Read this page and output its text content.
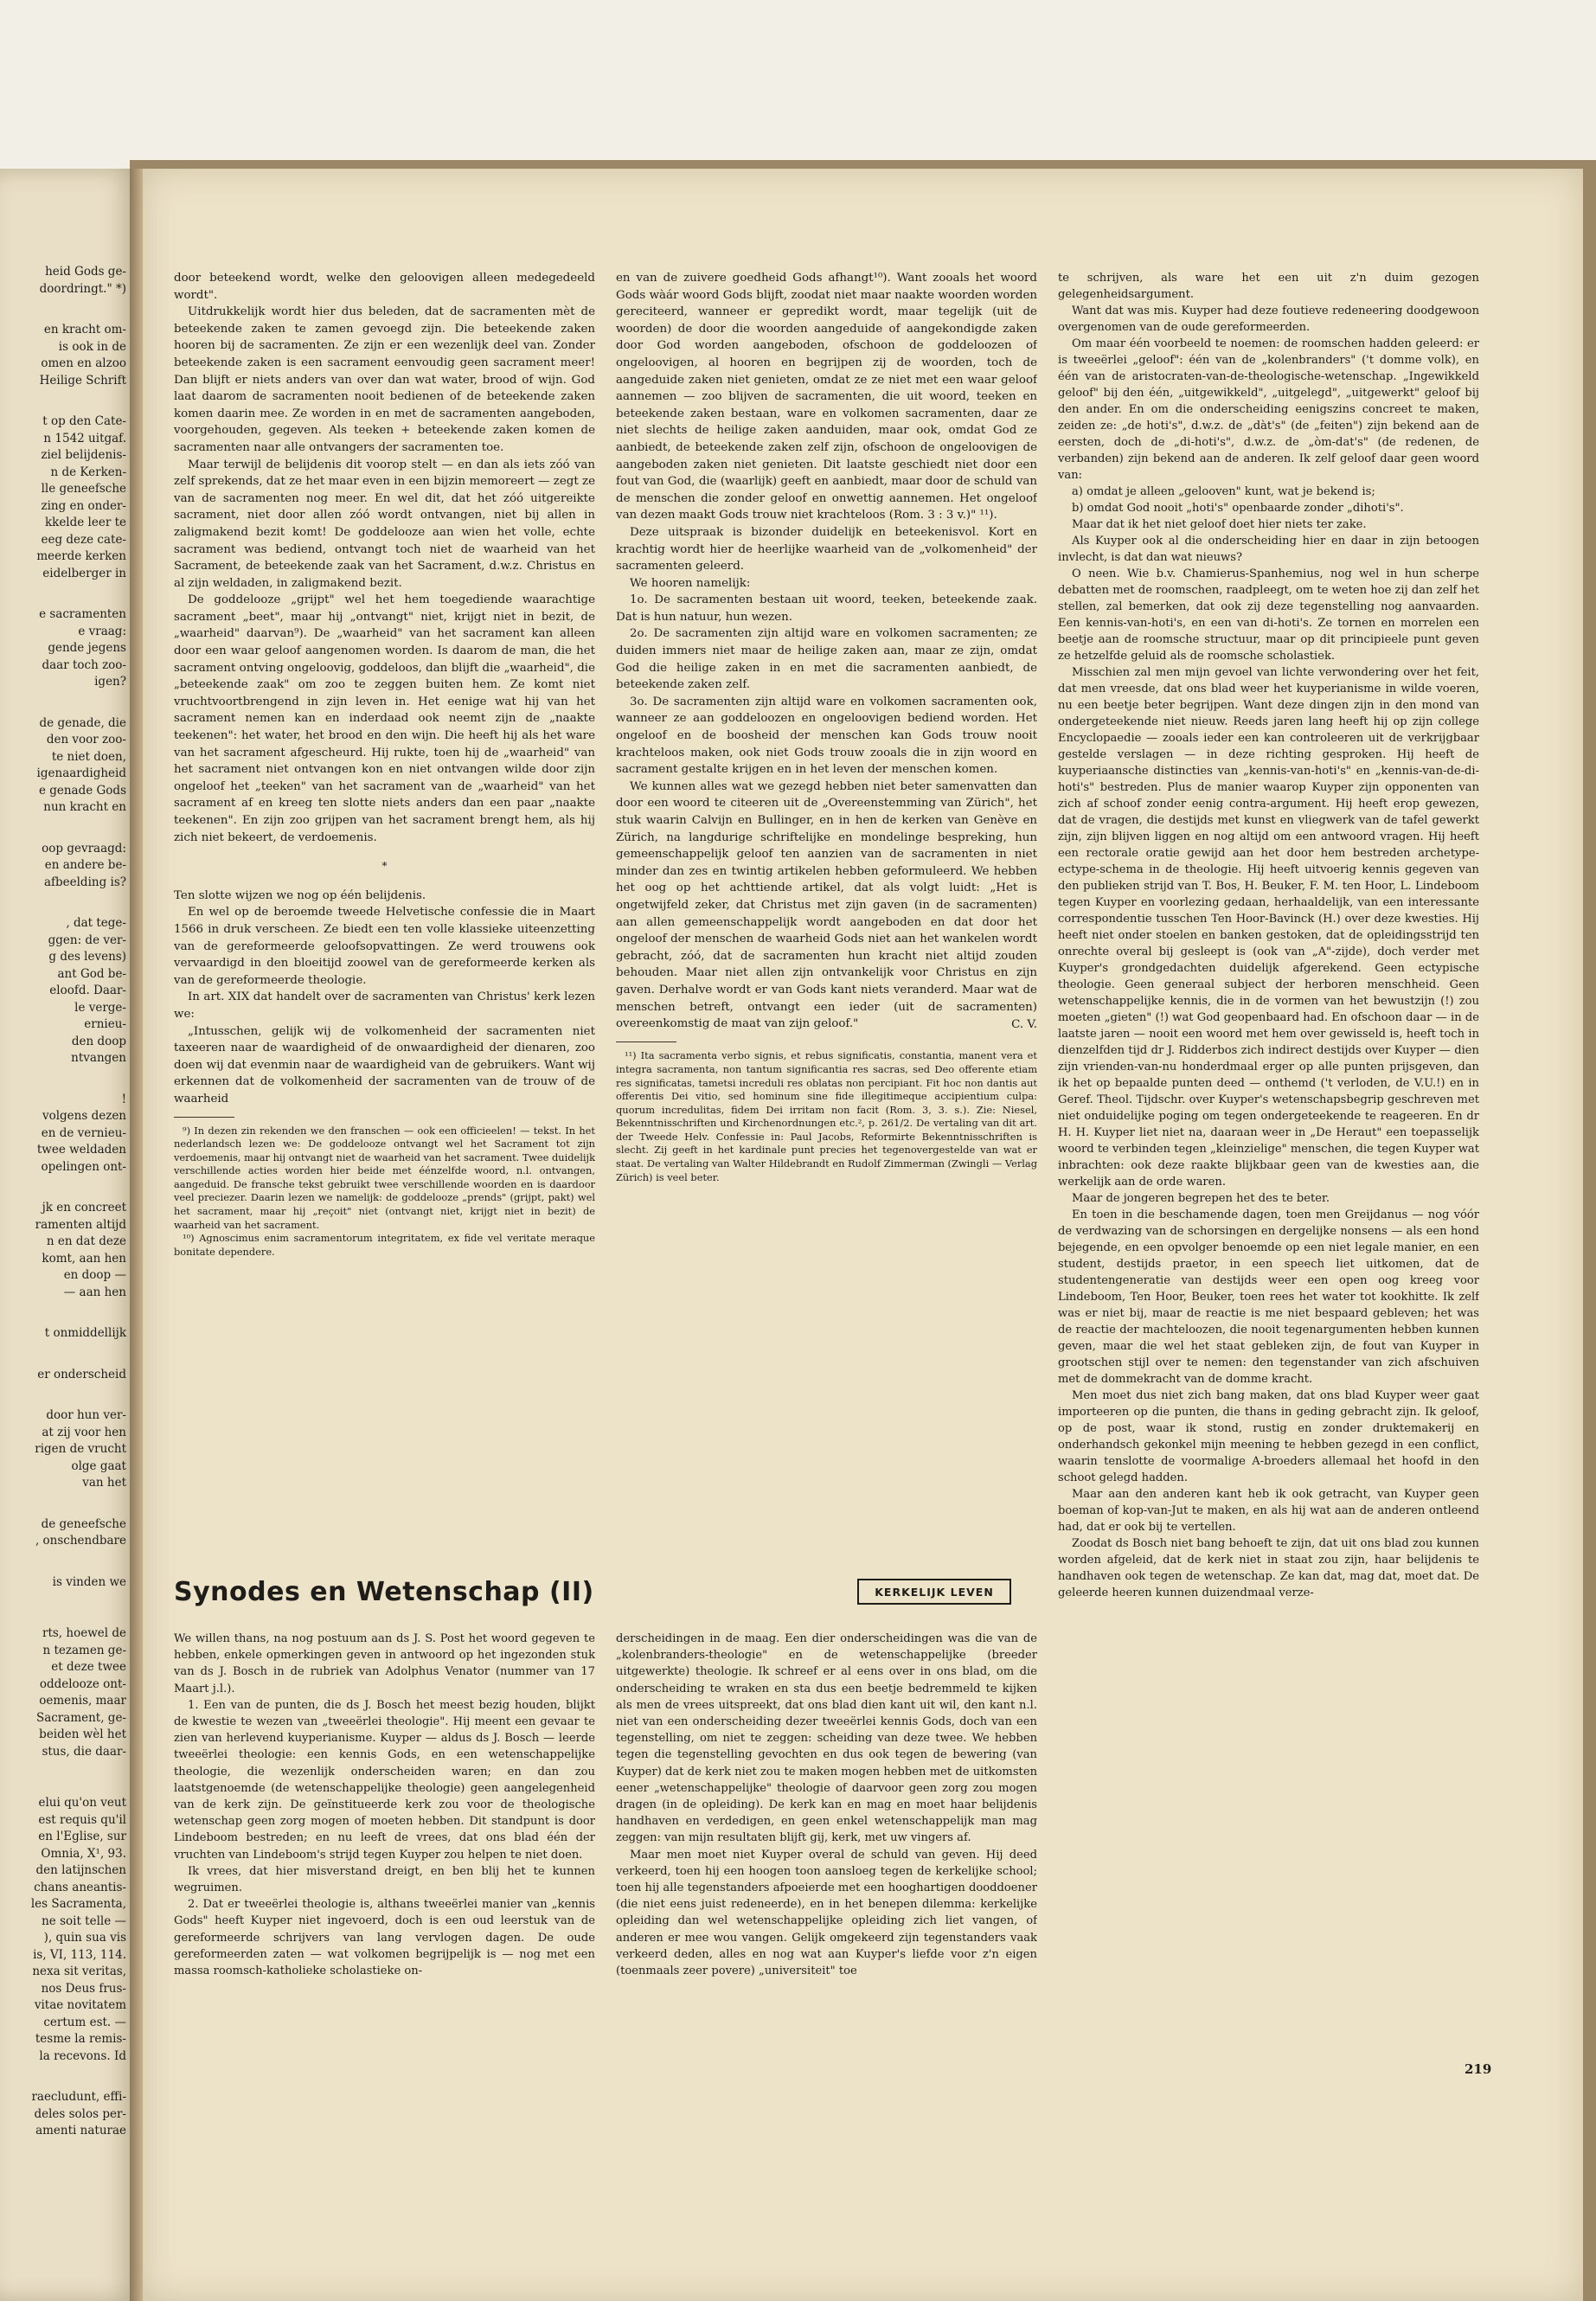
heid Gods ge-
doordringt." *)
en kracht om-
is ook in de
omen en alzoo
Heilige Schrift
t op den Cate-
n 1542 uitgaf.
ziel belijdenis-
n de Kerken-
lle geneefsche
zing en onder-
kkelde leer te
eeg deze cate-
meerde kerken
eidelberger in
e sacramenten
e vraag:
gende jegens
daar toch zoo-
igen?
de genade, die
den voor zoo-
te niet doen,
igenaardigheid
e genade Gods
nun kracht en
oop gevraagd:
en andere be-
afbeelding is?
, dat tege-
ggen: de ver-
g des levens)
ant God be-
eloofd. Daar-
le verge-
ernieu-
den doop
ntvangen
!
volgens dezen
en de vernieu-
twee weldaden
opelingen ont-
jk en concreet
ramenten altijd
n en dat deze
komt, aan hen
en doop —
— aan hen
t onmiddellijk
er onderscheid
door hun ver-
at zij voor hen
rigen de vrucht
olge gaat
van het
de geneefsche
, onschendbare
is vinden we
rts, hoewel de
n tezamen ge-
et deze twee
oddelooze ont-
oemenis, maar
Sacrament, ge-
beiden wèl het
stus, die daar-
elui qu'on veut
est requis qu'il
en l'Eglise, sur
Omnia, X¹, 93.
den latijnschen
chans aneantis-
les Sacramenta,
ne soit telle —
), quin sua vis
is, VI, 113, 114.
nexa sit veritas,
nos Deus frus-
vitae novitatem
certum est. —
tesme la remis-
la recevons. Id
raecludunt, effi-
deles solos per-
amenti naturae

door beteekend wordt, welke den geloovigen alleen medegedeeld wordt".

Uitdrukkelijk wordt hier dus beleden, dat de sacramenten mèt de beteekende zaken te zamen gevoegd zijn. Die beteekende zaken hooren bij de sacramenten. Ze zijn er een wezenlijk deel van. Zonder beteekende zaken is een sacrament eenvoudig geen sacrament meer! Dan blijft er niets anders van over dan wat water, brood of wijn. God laat daarom de sacramenten nooit bedienen of de beteekende zaken komen daarin mee. Ze worden in en met de sacramenten aangeboden, voorgehouden, gegeven. Als teeken + beteekende zaken komen de sacramenten naar alle ontvangers der sacramenten toe.

Maar terwijl de belijdenis dit voorop stelt — en dan als iets zóó van zelf sprekends, dat ze het maar even in een bijzin memoreert — zegt ze van de sacramenten nog meer. En wel dit, dat het zóó uitgereikte sacrament, niet door allen zóó wordt ontvangen, niet bij allen in zaligmakend bezit komt! De goddelooze aan wien het volle, echte sacrament was bediend, ontvangt toch niet de waarheid van het Sacrament, de beteekende zaak van het Sacrament, d.w.z. Christus en al zijn weldaden, in zaligmakend bezit.

De goddelooze „grijpt" wel het hem toegediende waarachtige sacrament „beet", maar hij „ontvangt" niet, krijgt niet in bezit, de „waarheid" daarvan⁹). De „waarheid" van het sacrament kan alleen door een waar geloof aangenomen worden. Is daarom de man, die het sacrament ontving ongeloovig, goddeloos, dan blijft die „waarheid", die „beteekende zaak" om zoo te zeggen buiten hem. Ze komt niet vruchtvoortbrengend in zijn leven in. Het eenige wat hij van het sacrament nemen kan en inderdaad ook neemt zijn de „naakte teekenen": het water, het brood en den wijn. Die heeft hij als het ware van het sacrament afgescheurd. Hij rukte, toen hij de „waarheid" van het sacrament niet ontvangen kon en niet ontvangen wilde door zijn ongeloof het „teeken" van het sacrament van de „waarheid" van het sacrament af en kreeg ten slotte niets anders dan een paar „naakte teekenen". En zijn zoo grijpen van het sacrament brengt hem, als hij zich niet bekeert, de verdoemenis.

*

Ten slotte wijzen we nog op één belijdenis.

En wel op de beroemde tweede Helvetische confessie die in Maart 1566 in druk verscheen. Ze biedt een ten volle klassieke uiteenzetting van de gereformeerde geloofsopvattingen. Ze werd trouwens ook vervaardigd in den bloeitijd zoowel van de gereformeerde kerken als van de gereformeerde theologie.

In art. XIX dat handelt over de sacramenten van Christus' kerk lezen we:

„Intusschen, gelijk wij de volkomenheid der sacramenten niet taxeeren naar de waardigheid of de onwaardigheid der dienaren, zoo doen wij dat evenmin naar de waardigheid van de gebruikers. Want wij erkennen dat de volkomenheid der sacramenten van de trouw of de waarheid

⁹) In dezen zin rekenden we den franschen — ook een officieelen! — tekst. In het nederlandsch lezen we: De goddelooze ontvangt wel het Sacrament tot zijn verdoemenis, maar hij ontvangt niet de waarheid van het sacrament. Twee duidelijk verschillende acties worden hier beide met éénzelfde woord, n.l. ontvangen, aangeduid. De fransche tekst gebruikt twee verschillende woorden en is daardoor veel preciezer. Daarin lezen we namelijk: de goddelooze „prends" (grijpt, pakt) wel het sacrament, maar hij „reçoit" niet (ontvangt niet, krijgt niet in bezit) de waarheid van het sacrament.

¹⁰) Agnoscimus enim sacramentorum integritatem, ex fide vel veritate meraque bonitate dependere.

en van de zuivere goedheid Gods afhangt¹⁰). Want zooals het woord Gods wàár woord Gods blijft, zoodat niet maar naakte woorden worden gereciteerd, wanneer er gepredikt wordt, maar tegelijk (uit de woorden) de door die woorden aangeduide of aangekondigde zaken door God worden aangeboden, ofschoon de goddeloozen of ongeloovigen, al hooren en begrijpen zij de woorden, toch de aangeduide zaken niet genieten, omdat ze ze niet met een waar geloof aannemen — zoo blijven de sacramenten, die uit woord, teeken en beteekende zaken bestaan, ware en volkomen sacramenten, daar ze niet slechts de heilige zaken aanduiden, maar ook, omdat God ze aanbiedt, de beteekende zaken zelf zijn, ofschoon de ongeloovigen de aangeboden zaken niet genieten. Dit laatste geschiedt niet door een fout van God, die (waarlijk) geeft en aanbiedt, maar door de schuld van de menschen die zonder geloof en onwettig aannemen. Het ongeloof van dezen maakt Gods trouw niet krachteloos (Rom. 3 : 3 v.)" ¹¹).

Deze uitspraak is bizonder duidelijk en beteekenisvol. Kort en krachtig wordt hier de heerlijke waarheid van de „volkomenheid" der sacramenten geleerd.

We hooren namelijk:

1o. De sacramenten bestaan uit woord, teeken, beteekende zaak. Dat is hun natuur, hun wezen.

2o. De sacramenten zijn altijd ware en volkomen sacramenten; ze duiden immers niet maar de heilige zaken aan, maar ze zijn, omdat God die heilige zaken in en met die sacramenten aanbiedt, de beteekende zaken zelf.

3o. De sacramenten zijn altijd ware en volkomen sacramenten ook, wanneer ze aan goddeloozen en ongeloovigen bediend worden. Het ongeloof en de boosheid der menschen kan Gods trouw nooit krachteloos maken, ook niet Gods trouw zooals die in zijn woord en sacrament gestalte krijgen en in het leven der menschen komen.

We kunnen alles wat we gezegd hebben niet beter samenvatten dan door een woord te citeeren uit de „Overeenstemming van Zürich", het stuk waarin Calvijn en Bullinger, en in hen de kerken van Genève en Zürich, na langdurige schriftelijke en mondelinge bespreking, hun gemeenschappelijk geloof ten aanzien van de sacramenten in niet minder dan zes en twintig artikelen hebben geformuleerd. We hebben het oog op het achttiende artikel, dat als volgt luidt: „Het is ongetwijfeld zeker, dat Christus met zijn gaven (in de sacramenten) aan allen gemeenschappelijk wordt aangeboden en dat door het ongeloof der menschen de waarheid Gods niet aan het wankelen wordt gebracht, zóó, dat de sacramenten hun kracht niet altijd zouden behouden. Maar niet allen zijn ontvankelijk voor Christus en zijn gaven. Derhalve wordt er van Gods kant niets veranderd. Maar wat de menschen betreft, ontvangt een ieder (uit de sacramenten) overeenkomstig de maat van zijn geloof."	C. V.

¹¹) Ita sacramenta verbo signis, et rebus significatis, constantia, manent vera et integra sacramenta, non tantum significantia res sacras, sed Deo offerente etiam res significatas, tametsi increduli res oblatas non percipiant. Fit hoc non dantis aut offerentis Dei vitio, sed hominum sine fide illegitimeque accipientium culpa: quorum incredulitas, fidem Dei irritam non facit (Rom. 3, 3. s.). Zie: Niesel, Bekenntnisschriften und Kirchenordnungen etc.², p. 261/2. De vertaling van dit art. der Tweede Helv. Confessie in: Paul Jacobs, Reformirte Bekenntnisschriften is slecht. Zij geeft in het kardinale punt precies het tegenovergestelde van wat er staat. De vertaling van Walter Hildebrandt en Rudolf Zimmerman (Zwingli — Verlag Zürich) is veel beter.

te schrijven, als ware het een uit z'n duim gezogen gelegenheidsargument.

Want dat was mis. Kuyper had deze foutieve redeneering doodgewoon overgenomen van de oude gereformeerden.

Om maar één voorbeeld te noemen: de roomschen hadden geleerd: er is tweeërlei „geloof": één van de „kolenbranders" ('t domme volk), en één van de aristocraten-van-de-theologische-wetenschap. „Ingewikkeld geloof" bij den één, „uitgewikkeld", „uitgelegd", „uitgewerkt" geloof bij den ander. En om die onderscheiding eenigszins concreet te maken, zeiden ze: „de hoti's", d.w.z. de „dàt's" (de „feiten") zijn bekend aan de eersten, doch de „di-hoti's", d.w.z. de „òm-dat's" (de redenen, de verbanden) zijn bekend aan de anderen. Ik zelf geloof daar geen woord van:

a) omdat je alleen „gelooven" kunt, wat je bekend is;

b) omdat God nooit „hoti's" openbaarde zonder „dihoti's".

Maar dat ik het niet geloof doet hier niets ter zake.

Als Kuyper ook al die onderscheiding hier en daar in zijn betoogen invlecht, is dat dan wat nieuws?

O neen. Wie b.v. Chamierus-Spanhemius, nog wel in hun scherpe debatten met de roomschen, raadpleegt, om te weten hoe zij dan zelf het stellen, zal bemerken, dat ook zij deze tegenstelling nog aanvaarden. Een kennis-van-hoti's, en een van di-hoti's. Ze tornen en morrelen een beetje aan de roomsche structuur, maar op dit principieele punt geven ze hetzelfde geluid als de roomsche scholastiek.

Misschien zal men mijn gevoel van lichte verwondering over het feit, dat men vreesde, dat ons blad weer het kuyperianisme in wilde voeren, nu een beetje beter begrijpen. Want deze dingen zijn in den mond van ondergeteekende niet nieuw. Reeds jaren lang heeft hij op zijn college Encyclopaedie — zooals ieder een kan controleeren uit de verkrijgbaar gestelde verslagen — in deze richting gesproken. Hij heeft de kuyperiaansche distincties van „kennis-van-hoti's" en „kennis-van-de-di-hoti's" bestreden. Plus de manier waarop Kuyper zijn opponenten van zich af schoof zonder eenig contra-argument. Hij heeft erop gewezen, dat de vragen, die destijds met kunst en vliegwerk van de tafel gewerkt zijn, zijn blijven liggen en nog altijd om een antwoord vragen. Hij heeft een rectorale oratie gewijd aan het door hem bestreden archetype-ectype-schema in de theologie. Hij heeft uitvoerig kennis gegeven van den publieken strijd van T. Bos, H. Beuker, F. M. ten Hoor, L. Lindeboom tegen Kuyper en voorlezing gedaan, herhaaldelijk, van een interessante correspondentie tusschen Ten Hoor-Bavinck (H.) over deze kwesties. Hij heeft niet onder stoelen en banken gestoken, dat de opleidingsstrijd ten onrechte overal bij gesleept is (ook van „A"-zijde), doch verder met Kuyper's grondgedachten duidelijk afgerekend. Geen ectypische theologie. Geen generaal subject der herboren menschheid. Geen wetenschappelijke kennis, die in de vormen van het bewustzijn (!) zou moeten „gieten" (!) wat God geopenbaard had. En ofschoon daar — in de laatste jaren — nooit een woord met hem over gewisseld is, heeft toch in dienzelfden tijd dr J. Ridderbos zich indirect destijds over Kuyper — dien zijn vrienden-van-nu honderdmaal erger op alle punten prijsgeven, dan ik het op bepaalde punten deed — onthemd ('t verloden, de V.U.!) en in Geref. Theol. Tijdschr. over Kuyper's wetenschapsbegrip geschreven met niet onduidelijke poging om tegen ondergeteekende te reageeren. En dr H. H. Kuyper liet niet na, daaraan weer in „De Heraut" een toepasselijk woord te verbinden tegen „kleinzielige" menschen, die tegen Kuyper wat inbrachten: ook deze raakte blijkbaar geen van de kwesties aan, die werkelijk aan de orde waren.

Maar de jongeren begrepen het des te beter.

En toen in die beschamende dagen, toen men Greijdanus — nog vóór de verdwazing van de schorsingen en dergelijke nonsens — als een hond bejegende, en een opvolger benoemde op een niet legale manier, en een student, destijds praetor, in een speech liet uitkomen, dat de studentengeneratie van destijds weer een open oog kreeg voor Lindeboom, Ten Hoor, Beuker, toen rees het water tot kookhitte. Ik zelf was er niet bij, maar de reactie is me niet bespaard gebleven; het was de reactie der machteloozen, die nooit tegenargumenten hebben kunnen geven, maar die wel het staat gebleken zijn, de fout van Kuyper in grootschen stijl over te nemen: den tegenstander van zich afschuiven met de dommekracht van de domme kracht.

Men moet dus niet zich bang maken, dat ons blad Kuyper weer gaat importeeren op die punten, die thans in geding gebracht zijn. Ik geloof, op de post, waar ik stond, rustig en zonder druktemakerij en onderhandsch gekonkel mijn meening te hebben gezegd in een conflict, waarin tenslotte de voormalige A-broeders allemaal het hoofd in den schoot gelegd hadden.

Maar aan den anderen kant heb ik ook getracht, van Kuyper geen boeman of kop-van-Jut te maken, en als hij wat aan de anderen ontleend had, dat er ook bij te vertellen.

Zoodat ds Bosch niet bang behoeft te zijn, dat uit ons blad zou kunnen worden afgeleid, dat de kerk niet in staat zou zijn, haar belijdenis te handhaven ook tegen de wetenschap. Ze kan dat, mag dat, moet dat. De geleerde heeren kunnen duizendmaal verze-

Synodes en Wetenschap (II)	KERKELIJK LEVEN

We willen thans, na nog postuum aan ds J. S. Post het woord gegeven te hebben, enkele opmerkingen geven in antwoord op het ingezonden stuk van ds J. Bosch in de rubriek van Adolphus Venator (nummer van 17 Maart j.l.).

1. Een van de punten, die ds J. Bosch het meest bezig houden, blijkt de kwestie te wezen van „tweeërlei theologie". Hij meent een gevaar te zien van herlevend kuyperianisme. Kuyper — aldus ds J. Bosch — leerde tweeërlei theologie: een kennis Gods, en een wetenschappelijke theologie, die wezenlijk onderscheiden waren; en dan zou laatstgenoemde (de wetenschappelijke theologie) geen aangelegenheid van de kerk zijn. De geïnstitueerde kerk zou voor de theologische wetenschap geen zorg mogen of moeten hebben. Dit standpunt is door Lindeboom bestreden; en nu leeft de vrees, dat ons blad één der vruchten van Lindeboom's strijd tegen Kuyper zou helpen te niet doen.

Ik vrees, dat hier misverstand dreigt, en ben blij het te kunnen wegruimen.

2. Dat er tweeërlei theologie is, althans tweeërlei manier van „kennis Gods" heeft Kuyper niet ingevoerd, doch is een oud leerstuk van de gereformeerde schrijvers van lang vervlogen dagen. De oude gereformeerden zaten — wat volkomen begrijpelijk is — nog met een massa roomsch-katholieke scholastieke on-

derscheidingen in de maag. Een dier onderscheidingen was die van de „kolenbranders-theologie" en de wetenschappelijke (breeder uitgewerkte) theologie. Ik schreef er al eens over in ons blad, om die onderscheiding te wraken en sta dus een beetje bedremmeld te kijken als men de vrees uitspreekt, dat ons blad dien kant uit wil, den kant n.l. niet van een onderscheiding dezer tweeërlei kennis Gods, doch van een tegenstelling, om niet te zeggen: scheiding van deze twee. We hebben tegen die tegenstelling gevochten en dus ook tegen de bewering (van Kuyper) dat de kerk niet zou te maken mogen hebben met de uitkomsten eener „wetenschappelijke" theologie of daarvoor geen zorg zou mogen dragen (in de opleiding). De kerk kan en mag en moet haar belijdenis handhaven en verdedigen, en geen enkel wetenschappelijk man mag zeggen: van mijn resultaten blijft gij, kerk, met uw vingers af.

Maar men moet niet Kuyper overal de schuld van geven. Hij deed verkeerd, toen hij een hoogen toon aansloeg tegen de kerkelijke school; toen hij alle tegenstanders afpoeierde met een hooghartigen dooddoener (die niet eens juist redeneerde), en in het benepen dilemma: kerkelijke opleiding dan wel wetenschappelijke opleiding zich liet vangen, of anderen er mee wou vangen. Gelijk omgekeerd zijn tegenstanders vaak verkeerd deden, alles en nog wat aan Kuyper's liefde voor z'n eigen (toenmaals zeer povere) „universiteit" toe

219
